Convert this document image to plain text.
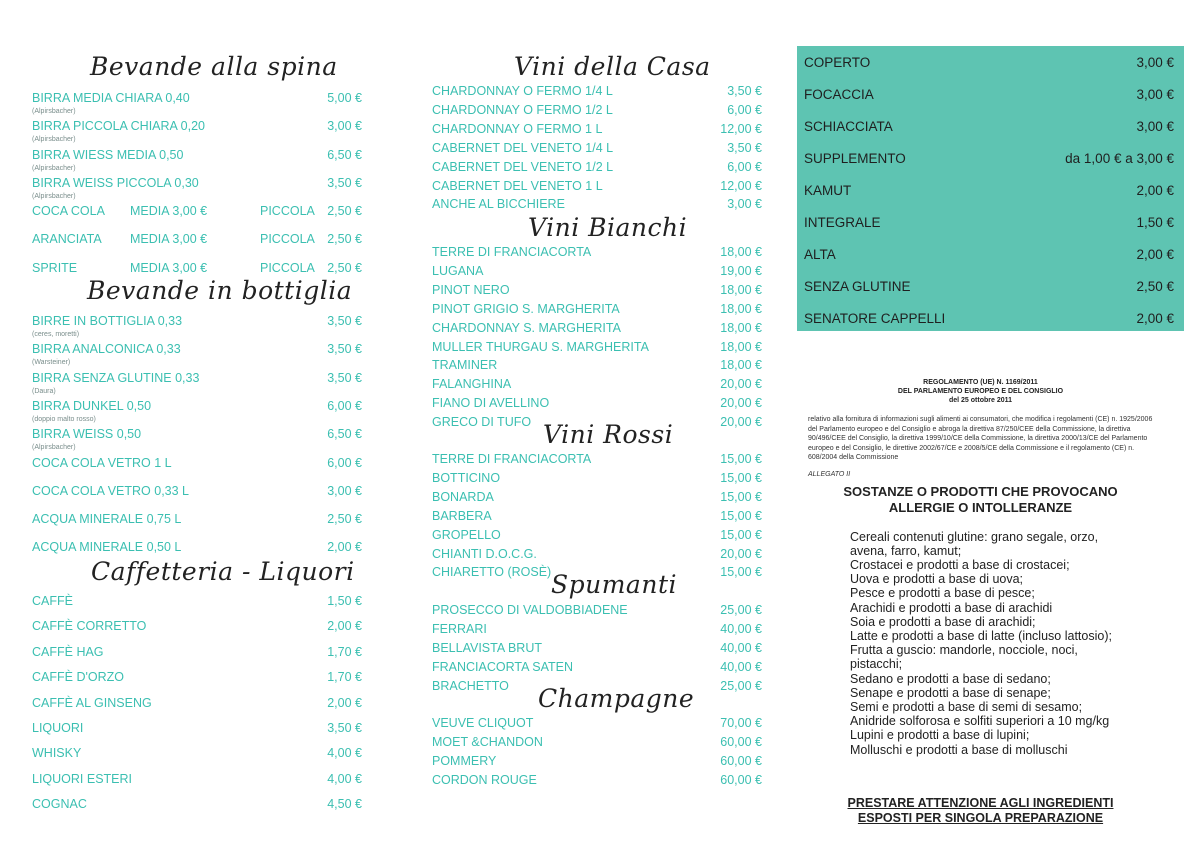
Bevande alla spina
BIRRA MEDIA CHIARA 0,40
(Alpirsbacher)
5,00 €
BIRRA PICCOLA CHIARA 0,20
(Alpirsbacher)
3,00 €
BIRRA WIESS MEDIA 0,50
(Alpirsbacher)
6,50 €
BIRRA WEISS PICCOLA 0,30
(Alpirsbacher)
3,50 €
COCA COLA MEDIA 3,00 €	PICCOLA 2,50 €
ARANCIATA MEDIA 3,00 €	PICCOLA 2,50 €
SPRITE	MEDIA 3,00 €	PICCOLA 2,50 €
Bevande in bottiglia
BIRRE IN BOTTIGLIA 0,33
(ceres, moretti)
3,50 €
BIRRA ANALCONICA 0,33
(Warsteiner)
3,50 €
BIRRA SENZA GLUTINE 0,33
(Daura)
3,50 €
BIRRA DUNKEL 0,50
(doppio malto rosso)
6,00 €
BIRRA WEISS 0,50
(Alpirsbacher)
6,50 €
COCA COLA VETRO 1 L	6,00 €
COCA COLA VETRO 0,33 L	3,00 €
ACQUA MINERALE 0,75 L	2,50 €
ACQUA MINERALE 0,50 L	2,00 €
Caffetteria - Liquori
CAFFÈ	1,50 €
CAFFÈ CORRETTO	2,00 €
CAFFÈ HAG	1,70 €
CAFFÈ D'ORZO	1,70 €
CAFFÈ AL GINSENG	2,00 €
LIQUORI	3,50 €
WHISKY	4,00 €
LIQUORI ESTERI	4,00 €
COGNAC	4,50 €
Vini della Casa
CHARDONNAY O FERMO 1/4 L	3,50 €
CHARDONNAY O FERMO 1/2 L	6,00 €
CHARDONNAY O FERMO 1 L	12,00 €
CABERNET DEL VENETO 1/4 L	3,50 €
CABERNET DEL VENETO 1/2 L	6,00 €
CABERNET DEL VENETO 1 L	12,00 €
ANCHE AL BICCHIERE	3,00 €
Vini Bianchi
TERRE DI FRANCIACORTA	18,00 €
LUGANA	19,00 €
PINOT NERO	18,00 €
PINOT GRIGIO S. MARGHERITA	18,00 €
CHARDONNAY S. MARGHERITA	18,00 €
MULLER THURGAU S. MARGHERITA	18,00 €
TRAMINER	18,00 €
FALANGHINA	20,00 €
FIANO DI AVELLINO	20,00 €
GRECO DI TUFO	20,00 €
Vini Rossi
TERRE DI FRANCIACORTA	15,00 €
BOTTICINO	15,00 €
BONARDA	15,00 €
BARBERA	15,00 €
GROPELLO	15,00 €
CHIANTI D.O.C.G.	20,00 €
CHIARETTO (ROSÈ)	15,00 €
Spumanti
PROSECCO DI VALDOBBIADENE	25,00 €
FERRARI	40,00 €
BELLAVISTA BRUT	40,00 €
FRANCIACORTA SATEN	40,00 €
BRACHETTO	25,00 €
Champagne
VEUVE CLIQUOT	70,00 €
MOET &CHANDON	60,00 €
POMMERY	60,00 €
CORDON ROUGE	60,00 €
COPERTO	3,00 €
FOCACCIA	3,00 €
SCHIACCIATA	3,00 €
SUPPLEMENTO	da 1,00 € a 3,00 €
KAMUT	2,00 €
INTEGRALE	1,50 €
ALTA	2,00 €
SENZA GLUTINE	2,50 €
SENATORE CAPPELLI	2,00 €
REGOLAMENTO (UE) N. 1169/2011
DEL PARLAMENTO EUROPEO E DEL CONSIGLIO
del 25 ottobre 2011
relativo alla fornitura di informazioni sugli alimenti ai consumatori, che modifica i regolamenti (CE) n. 1925/2006 del Parlamento europeo e del Consiglio e abroga la direttiva 87/250/CEE della Commissione, la direttiva 90/496/CEE del Consiglio, la direttiva 1999/10/CE della Commissione, la direttiva 2000/13/CE del Parlamento europeo e del Consiglio, le direttive 2002/67/CE e 2008/5/CE della Commissione e il regolamento (CE) n. 608/2004 della Commissione
ALLEGATO II
SOSTANZE O PRODOTTI CHE PROVOCANO
ALLERGIE O INTOLLERANZE
Cereali contenuti glutine: grano segale, orzo,
avena, farro, kamut;
Crostacei e prodotti a base di crostacei;
Uova e prodotti a base di uova;
Pesce e prodotti a base di pesce;
Arachidi e prodotti a base di arachidi
Soia e prodotti a base di arachidi;
Latte e prodotti a base di latte (incluso lattosio);
Frutta a guscio: mandorle, nocciole, noci,
pistacchi;
Sedano e prodotti a base di sedano;
Senape e prodotti a base di senape;
Semi e prodotti a base di semi di sesamo;
Anidride solforosa e solfiti superiori a 10 mg/kg
Lupini e prodotti a base di lupini;
Molluschi e prodotti a base di molluschi
PRESTARE ATTENZIONE AGLI INGREDIENTI
ESPOSTI PER SINGOLA PREPARAZIONE
